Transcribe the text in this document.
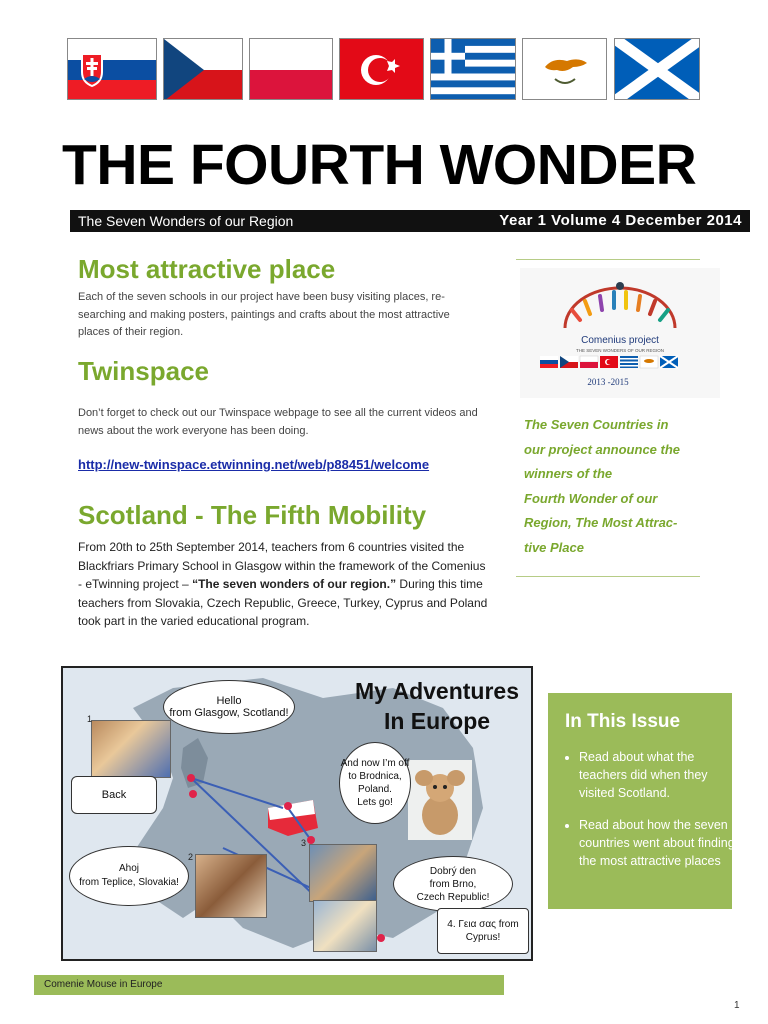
THE FOURTH WONDER
The Seven Wonders of our Region	Year 1 Volume 4 December 2014
Most attractive place
Each of the seven schools in our project have been busy visiting places, re-searching and making posters, paintings and crafts about the most attractive places of their region.
Twinspace
Don’t forget to check out our Twinspace webpage to see all the current videos and news about the work everyone has been doing.
http://new-twinspace.etwinning.net/web/p88451/welcome
Scotland - The Fifth Mobility
From 20th to 25th September 2014, teachers from 6 countries visited the Blackfriars Primary School in Glasgow within the framework of the Comenius - eTwinning project – “The seven wonders of our region.” During this time teachers from Slovakia, Czech Republic, Greece, Turkey, Cyprus and Poland took part in the varied educational program.
Comenius project
THE SEVEN WONDERS OF OUR REGION
2013 -2015
The Seven Countries in
our project announce the
winners of the
Fourth Wonder of our
Region, The Most Attrac-
tive Place
My Adventures
In Europe
Hello
from Glasgow, Scotland!
Back
And now I’m off
to Brodnica,
Poland.
Lets go!
Ahoj
from Teplice, Slovakia!
Dobrý den
from Brno,
Czech Republic!
4. Γεια σας from
Cyprus!
1
2
3
In This Issue
• Read about what the teachers did when they visited Scotland.
• Read about how the seven countries went about finding the most attractive places
Comenie Mouse in Europe
1
